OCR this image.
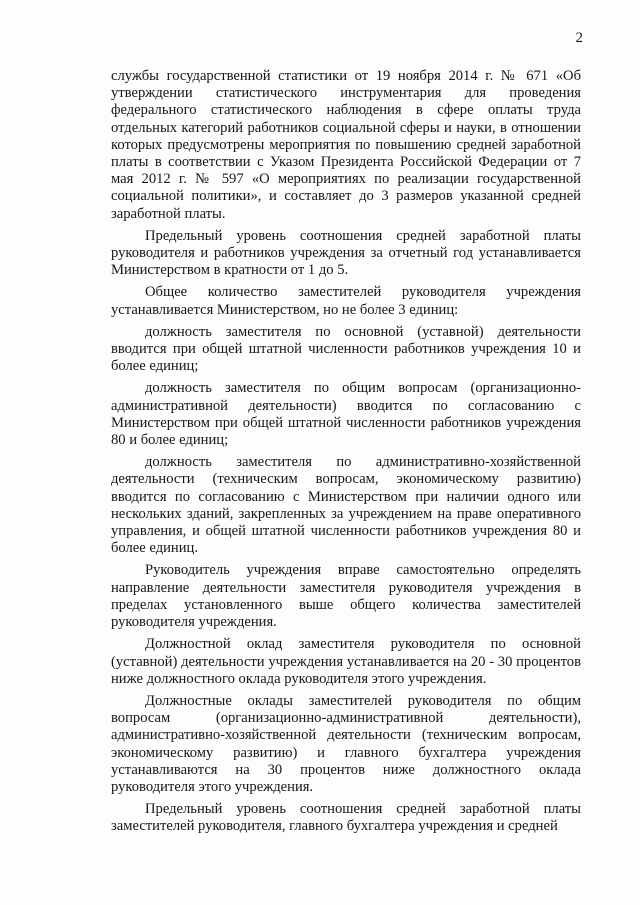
2

службы государственной статистики от 19 ноября 2014 г. № 671 «Об утверждении статистического инструментария для проведения федерального статистического наблюдения в сфере оплаты труда отдельных категорий работников социальной сферы и науки, в отношении которых предусмотрены мероприятия по повышению средней заработной платы в соответствии с Указом Президента Российской Федерации от 7 мая 2012 г. № 597 «О мероприятиях по реализации государственной социальной политики», и составляет до 3 размеров указанной средней заработной платы.

Предельный уровень соотношения средней заработной платы руководителя и работников учреждения за отчетный год устанавливается Министерством в кратности от 1 до 5.

Общее количество заместителей руководителя учреждения устанавливается Министерством, но не более 3 единиц:

должность заместителя по основной (уставной) деятельности вводится при общей штатной численности работников учреждения 10 и более единиц;

должность заместителя по общим вопросам (организационно-административной деятельности) вводится по согласованию с Министерством при общей штатной численности работников учреждения 80 и более единиц;

должность заместителя по административно-хозяйственной деятельности (техническим вопросам, экономическому развитию) вводится по согласованию с Министерством при наличии одного или нескольких зданий, закрепленных за учреждением на праве оперативного управления, и общей штатной численности работников учреждения 80 и более единиц.

Руководитель учреждения вправе самостоятельно определять направление деятельности заместителя руководителя учреждения в пределах установленного выше общего количества заместителей руководителя учреждения.

Должностной оклад заместителя руководителя по основной (уставной) деятельности учреждения устанавливается на 20 - 30 процентов ниже должностного оклада руководителя этого учреждения.

Должностные оклады заместителей руководителя по общим вопросам (организационно-административной деятельности), административно-хозяйственной деятельности (техническим вопросам, экономическому развитию) и главного бухгалтера учреждения устанавливаются на 30 процентов ниже должностного оклада руководителя этого учреждения.

Предельный уровень соотношения средней заработной платы заместителей руководителя, главного бухгалтера учреждения и средней
